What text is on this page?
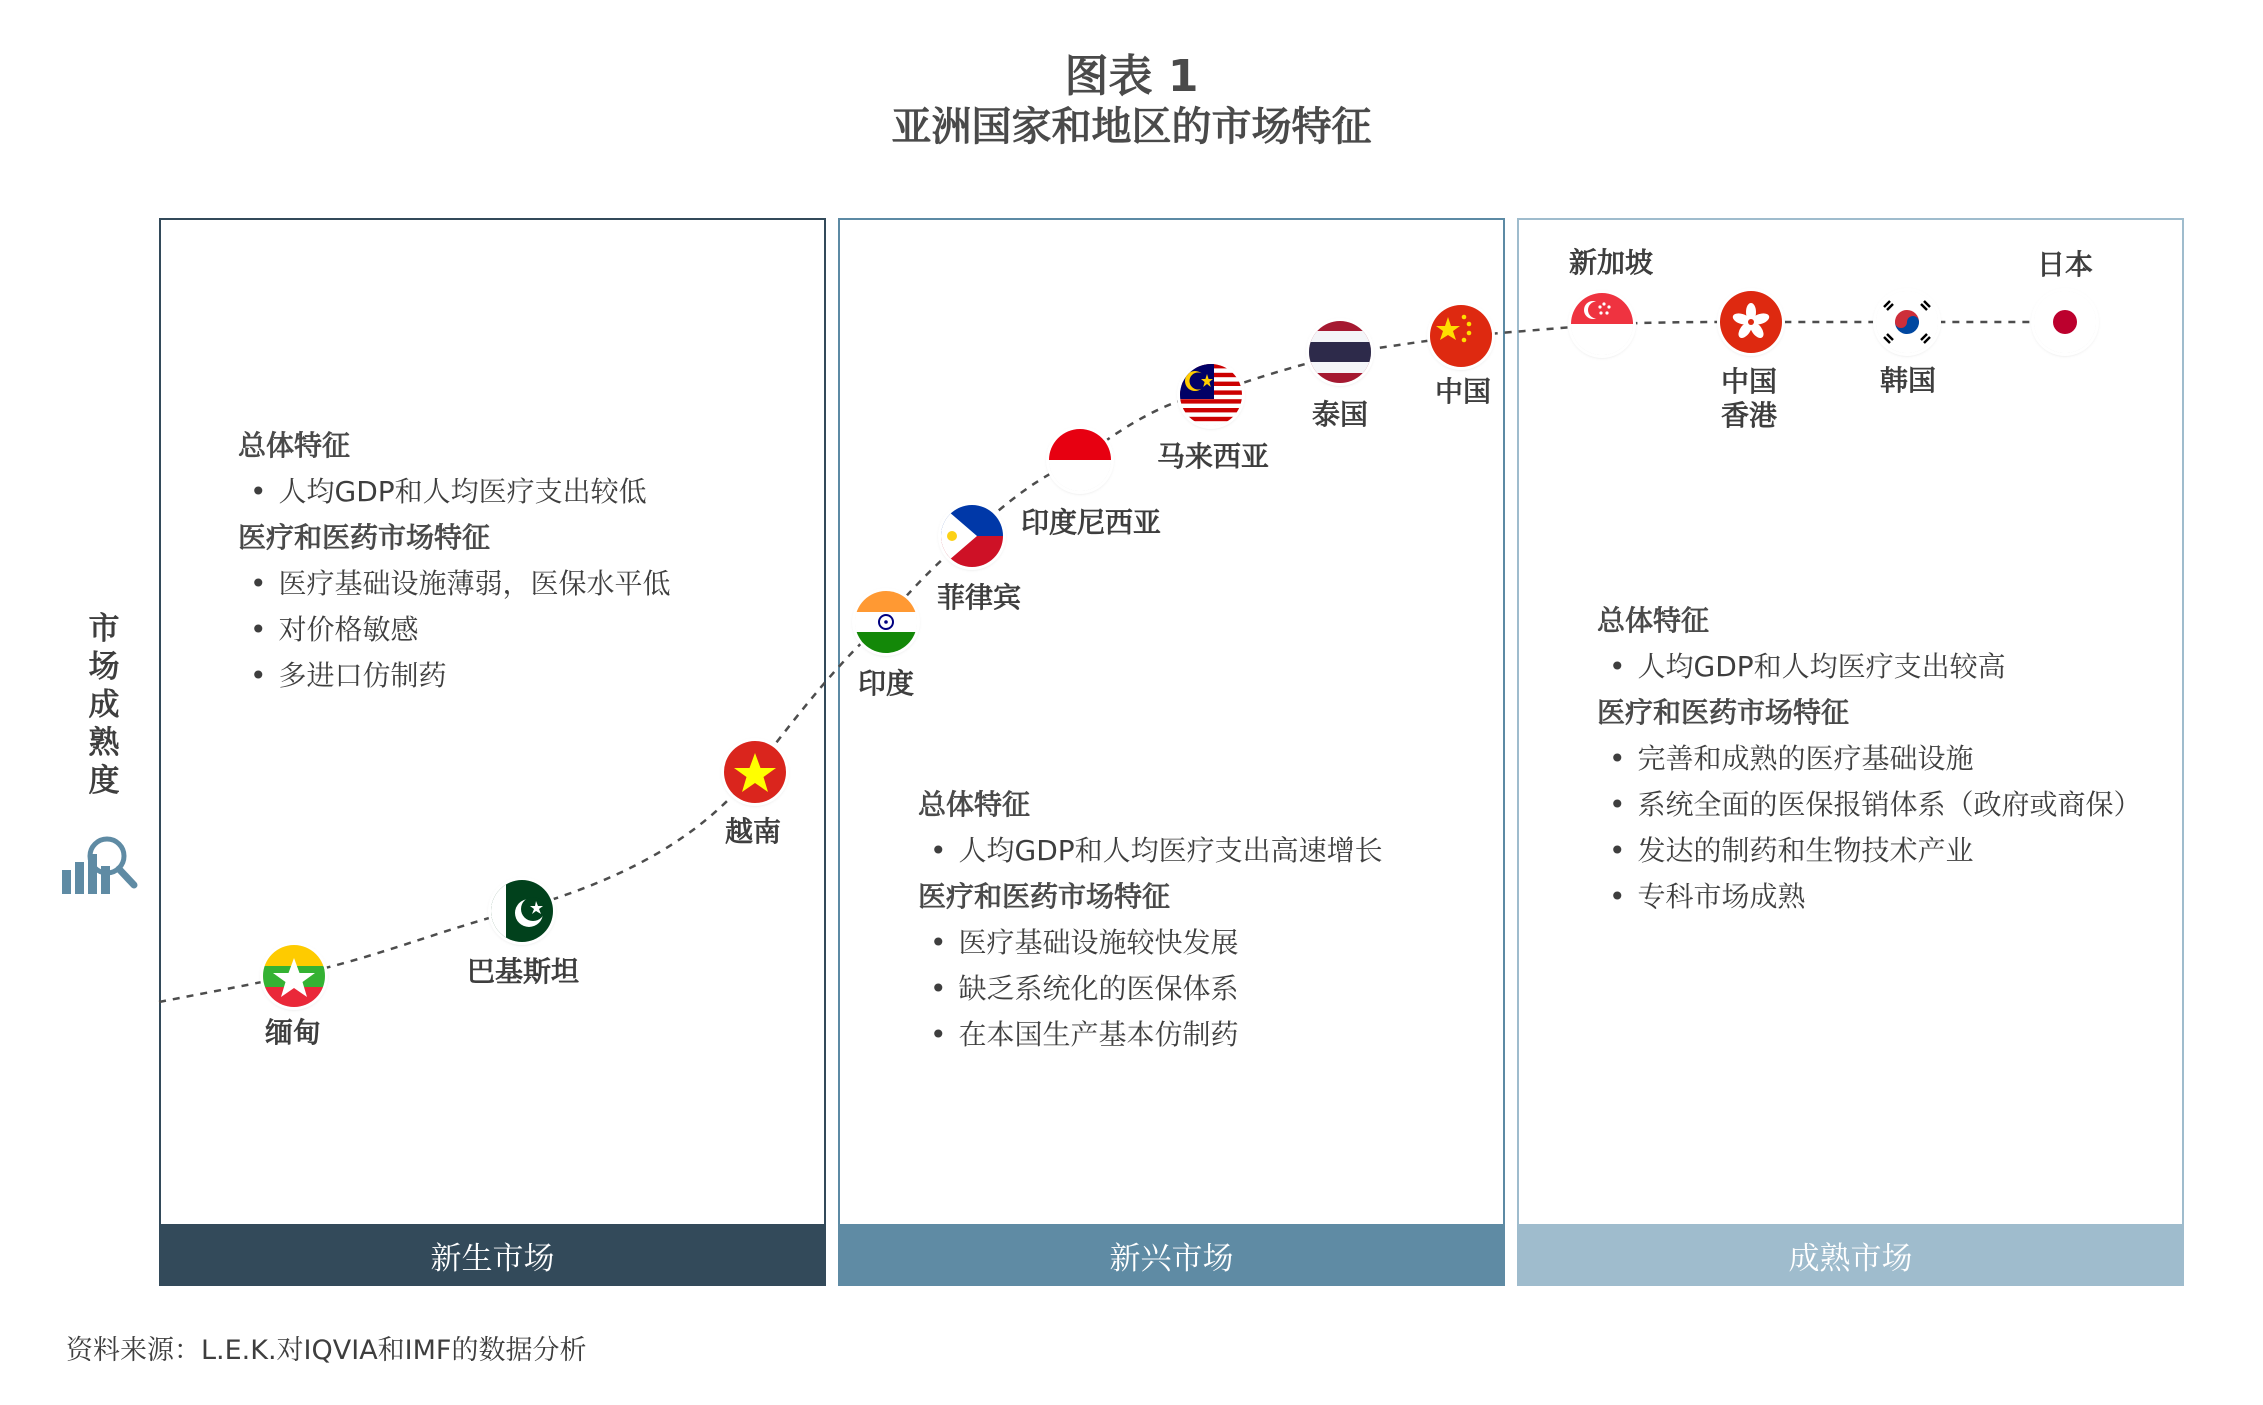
图表 1
亚洲国家和地区的市场特征
新生市场	新兴市场	成熟市场
总体特征
• 人均GDP和人均医疗支出较低
医疗和医药市场特征
• 医疗基础设施薄弱，医保水平低
• 对价格敏感
• 多进口仿制药
总体特征
• 人均GDP和人均医疗支出高速增长
医疗和医药市场特征
• 医疗基础设施较快发展
• 缺乏系统化的医保体系
• 在本国生产基本仿制药
总体特征
• 人均GDP和人均医疗支出较高
医疗和医药市场特征
• 完善和成熟的医疗基础设施
• 系统全面的医保报销体系（政府或商保）
• 发达的制药和生物技术产业
• 专科市场成熟
市
场
成
熟
度
缅甸
巴基斯坦
越南
印度
菲律宾
印度尼西亚
马来西亚
泰国
中国
新加坡
中国
香港
韩国
日本
资料来源：L.E.K.对IQVIA和IMF的数据分析
